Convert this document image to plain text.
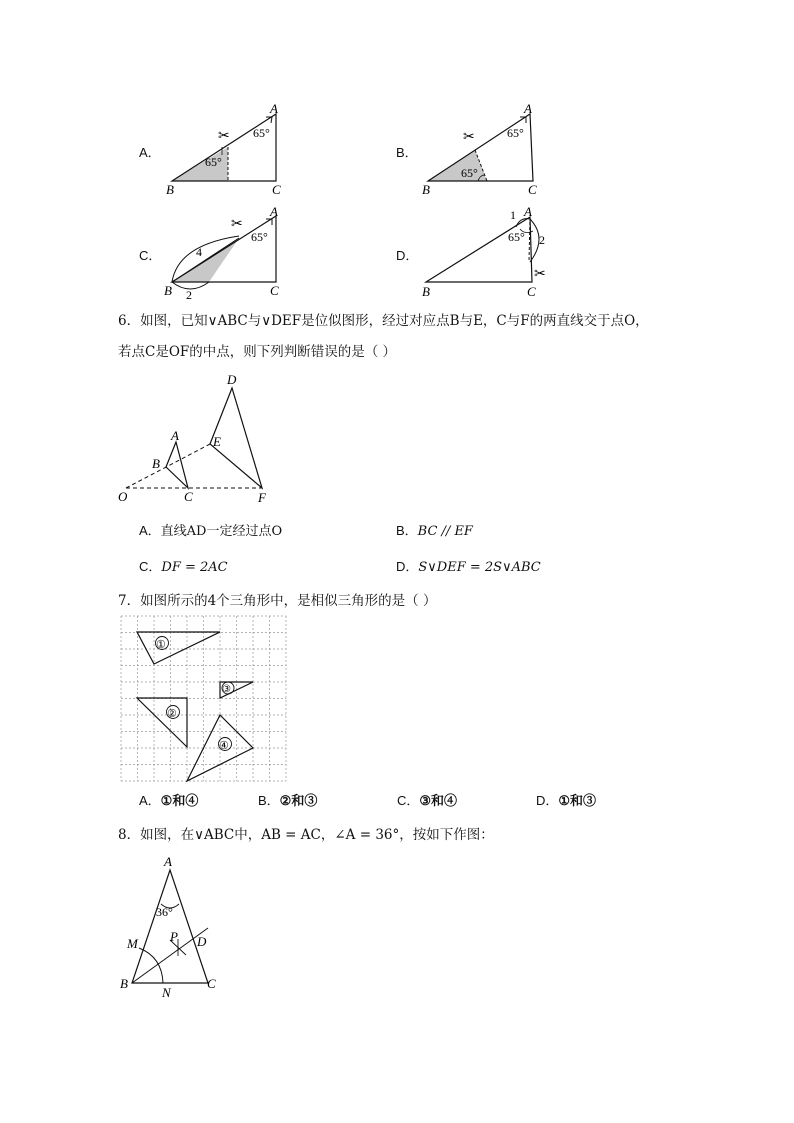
A．
✂
A
B	C
65°
65°
B．
✂
A
B	C
65°
65°
C．
✂
A
B	C
65°
4
2
D．
✂
A
B	C
65°
1
2
6．如图，已知∨ABC与∨DEF是位似图形，经过对应点B与E，C与F的两直线交于点O，
若点C是OF的中点，则下列判断错误的是（ ）
A
B
C
D
E
F
O
A．直线AD一定经过点O	B．BC // EF
C．DF = 2AC	D．S∨DEF = 2S∨ABC
7．如图所示的4个三角形中，是相似三角形的是（ ）
①
②
③
④
A．①和④	B．②和③	C．③和④	D．①和③
8．如图，在∨ABC中，AB = AC，∠A = 36°，按如下作图：
A
B	C
M
N
P D
36°
